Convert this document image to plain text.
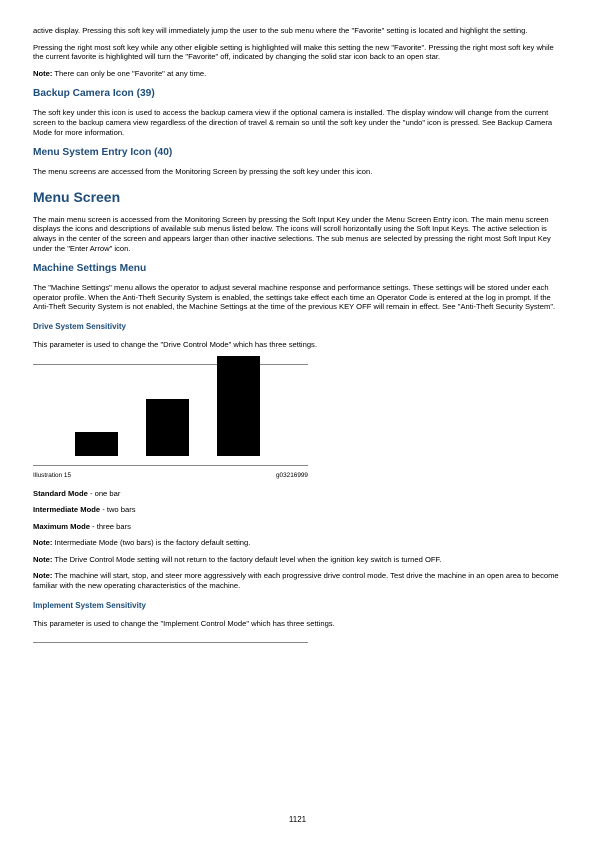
active display. Pressing this soft key will immediately jump the user to the sub menu where the "Favorite" setting is located and highlight the setting.

Pressing the right most soft key while any other eligible setting is highlighted will make this setting the new "Favorite". Pressing the right most soft key while the current favorite is highlighted will turn the "Favorite" off, indicated by changing the solid star icon back to an open star.

Note: There can only be one "Favorite" at any time.

Backup Camera Icon (39)

The soft key under this icon is used to access the backup camera view if the optional camera is installed. The display window will change from the current screen to the backup camera view regardless of the direction of travel & remain so until the soft key under the "undo" icon is pressed. See Backup Camera Mode for more information.

Menu System Entry Icon (40)

The menu screens are accessed from the Monitoring Screen by pressing the soft key under this icon.

Menu Screen

The main menu screen is accessed from the Monitoring Screen by pressing the Soft Input Key under the Menu Screen Entry icon. The main menu screen displays the icons and descriptions of available sub menus listed below. The icons will scroll horizontally using the Soft Input Keys. The active selection is always in the center of the screen and appears larger than other inactive selections. The sub menus are selected by pressing the right most Soft Input Key under the "Enter Arrow" icon.

Machine Settings Menu

The "Machine Settings" menu allows the operator to adjust several machine response and performance settings. These settings will be stored under each operator profile. When the Anti-Theft Security System is enabled, the settings take effect each time an Operator Code is entered at the log in prompt. If the Anti-Theft Security System is not enabled, the Machine Settings at the time of the previous KEY OFF will remain in effect. See "Anti-Theft Security System".

Drive System Sensitivity

This parameter is used to change the "Drive Control Mode" which has three settings.

Illustration 15	g03216999

Standard Mode - one bar

Intermediate Mode - two bars

Maximum Mode - three bars

Note: Intermediate Mode (two bars) is the factory default setting.

Note: The Drive Control Mode setting will not return to the factory default level when the ignition key switch is turned OFF.

Note: The machine will start, stop, and steer more aggressively with each progressive drive control mode. Test drive the machine in an open area to become familiar with the new operating characteristics of the machine.

Implement System Sensitivity

This parameter is used to change the "Implement Control Mode" which has three settings.

1121
